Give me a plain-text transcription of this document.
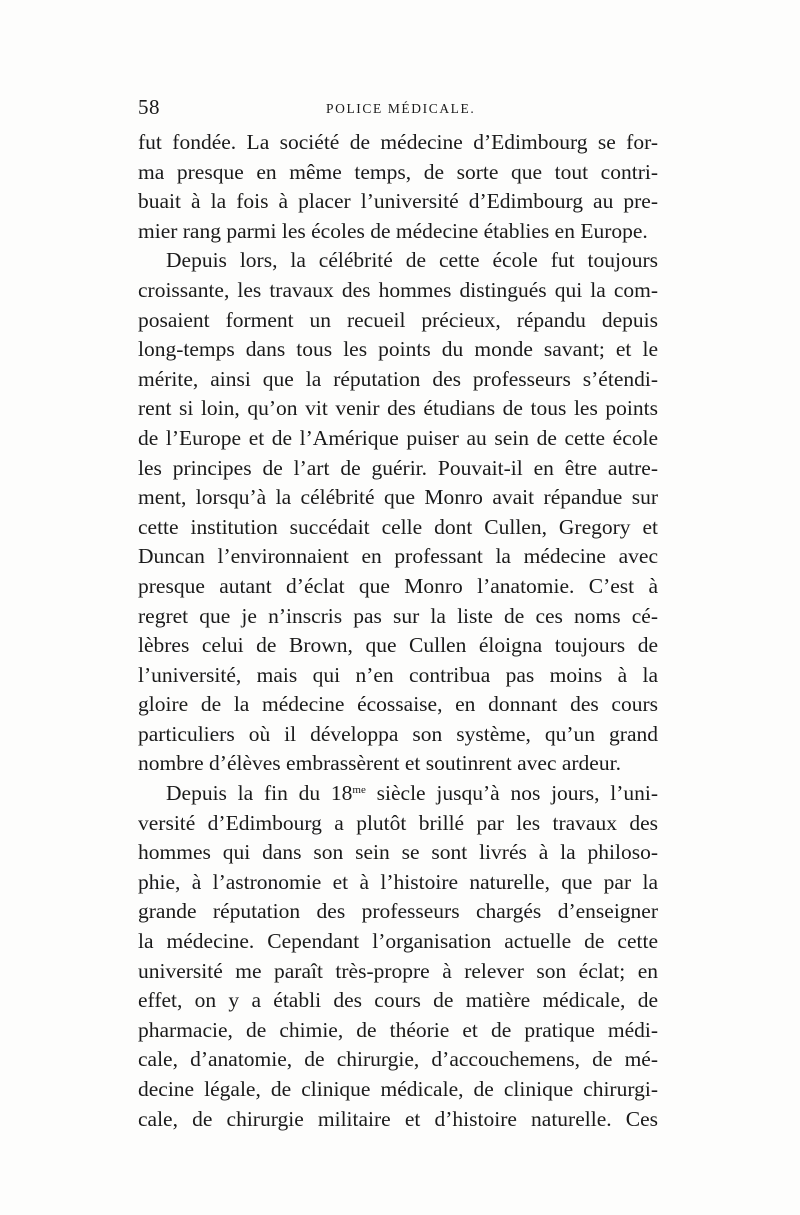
58	POLICE MÉDICALE.
fut fondée. La société de médecine d’Edimbourg se for-
ma presque en même temps, de sorte que tout contri-
buait à la fois à placer l’université d’Edimbourg au pre-
mier rang parmi les écoles de médecine établies en Europe.
Depuis lors, la célébrité de cette école fut toujours
croissante, les travaux des hommes distingués qui la com-
posaient forment un recueil précieux, répandu depuis
long-temps dans tous les points du monde savant; et le
mérite, ainsi que la réputation des professeurs s’étendi-
rent si loin, qu’on vit venir des étudians de tous les points
de l’Europe et de l’Amérique puiser au sein de cette école
les principes de l’art de guérir. Pouvait-il en être autre-
ment, lorsqu’à la célébrité que Monro avait répandue sur
cette institution succédait celle dont Cullen, Gregory et
Duncan l’environnaient en professant la médecine avec
presque autant d’éclat que Monro l’anatomie. C’est à
regret que je n’inscris pas sur la liste de ces noms cé-
lèbres celui de Brown, que Cullen éloigna toujours de
l’université, mais qui n’en contribua pas moins à la
gloire de la médecine écossaise, en donnant des cours
particuliers où il développa son système, qu’un grand
nombre d’élèves embrassèrent et soutinrent avec ardeur.
Depuis la fin du $18^{me}$ siècle jusqu’à nos jours, l’uni-
versité d’Edimbourg a plutôt brillé par les travaux des
hommes qui dans son sein se sont livrés à la philoso-
phie, à l’astronomie et à l’histoire naturelle, que par la
grande réputation des professeurs chargés d’enseigner
la médecine. Cependant l’organisation actuelle de cette
université me paraît très-propre à relever son éclat; en
effet, on y a établi des cours de matière médicale, de
pharmacie, de chimie, de théorie et de pratique médi-
cale, d’anatomie, de chirurgie, d’accouchemens, de mé-
decine légale, de clinique médicale, de clinique chirurgi-
cale, de chirurgie militaire et d’histoire naturelle. Ces
